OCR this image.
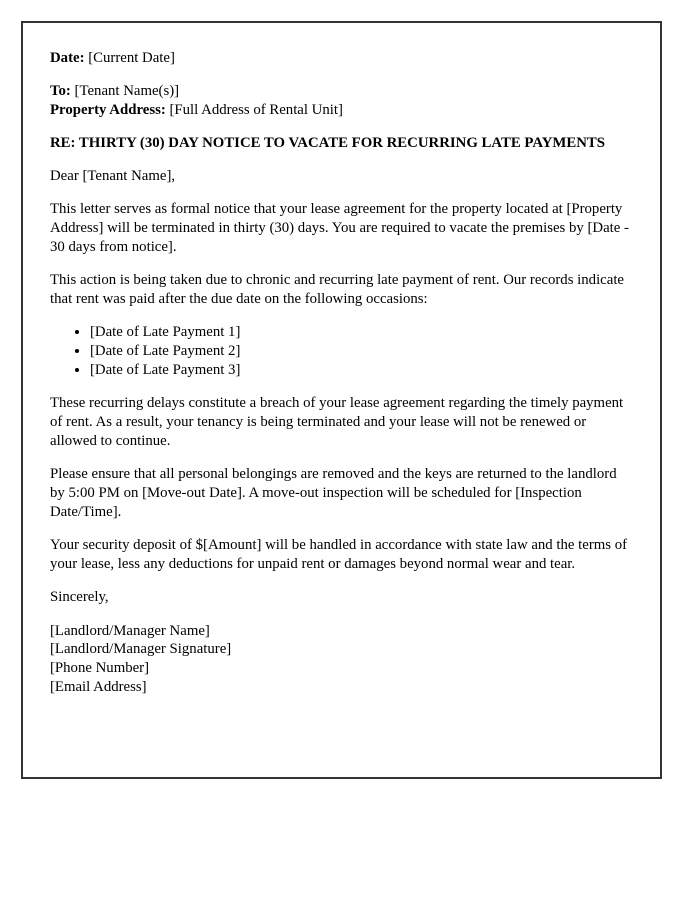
Date: [Current Date]

To: [Tenant Name(s)]
Property Address: [Full Address of Rental Unit]

RE: THIRTY (30) DAY NOTICE TO VACATE FOR RECURRING LATE PAYMENTS

Dear [Tenant Name],

This letter serves as formal notice that your lease agreement for the property located at [Property Address] will be terminated in thirty (30) days. You are required to vacate the premises by [Date - 30 days from notice].

This action is being taken due to chronic and recurring late payment of rent. Our records indicate that rent was paid after the due date on the following occasions:

• [Date of Late Payment 1]
• [Date of Late Payment 2]
• [Date of Late Payment 3]

These recurring delays constitute a breach of your lease agreement regarding the timely payment of rent. As a result, your tenancy is being terminated and your lease will not be renewed or allowed to continue.

Please ensure that all personal belongings are removed and the keys are returned to the landlord by 5:00 PM on [Move-out Date]. A move-out inspection will be scheduled for [Inspection Date/Time].

Your security deposit of $[Amount] will be handled in accordance with state law and the terms of your lease, less any deductions for unpaid rent or damages beyond normal wear and tear.

Sincerely,

[Landlord/Manager Name]
[Landlord/Manager Signature]
[Phone Number]
[Email Address]
